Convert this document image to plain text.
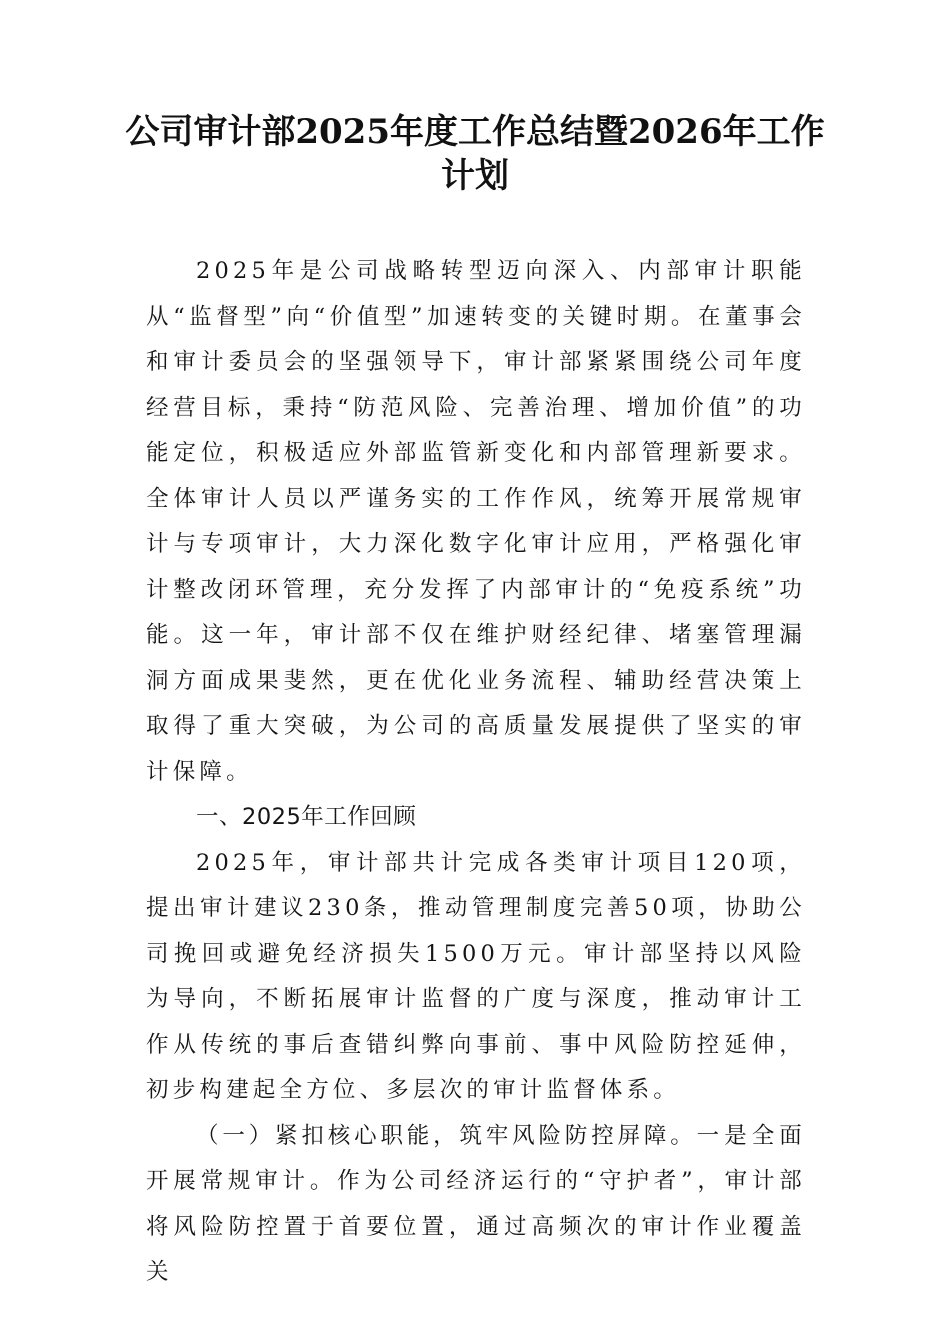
公司审计部2025年度工作总结暨2026年工作计划

2025年是公司战略转型迈向深入、内部审计职能从“监督型”向“价值型”加速转变的关键时期。在董事会和审计委员会的坚强领导下，审计部紧紧围绕公司年度经营目标，秉持“防范风险、完善治理、增加价值”的功能定位，积极适应外部监管新变化和内部管理新要求。全体审计人员以严谨务实的工作作风，统筹开展常规审计与专项审计，大力深化数字化审计应用，严格强化审计整改闭环管理，充分发挥了内部审计的“免疫系统”功能。这一年，审计部不仅在维护财经纪律、堵塞管理漏洞方面成果斐然，更在优化业务流程、辅助经营决策上取得了重大突破，为公司的高质量发展提供了坚实的审计保障。

一、2025年工作回顾

2025年，审计部共计完成各类审计项目120项，提出审计建议230条，推动管理制度完善50项，协助公司挽回或避免经济损失1500万元。审计部坚持以风险为导向，不断拓展审计监督的广度与深度，推动审计工作从传统的事后查错纠弊向事前、事中风险防控延伸，初步构建起全方位、多层次的审计监督体系。

（一）紧扣核心职能，筑牢风险防控屏障。一是全面开展常规审计。作为公司经济运行的“守护者”，审计部将风险防控置于首要位置，通过高频次的审计作业覆盖关
